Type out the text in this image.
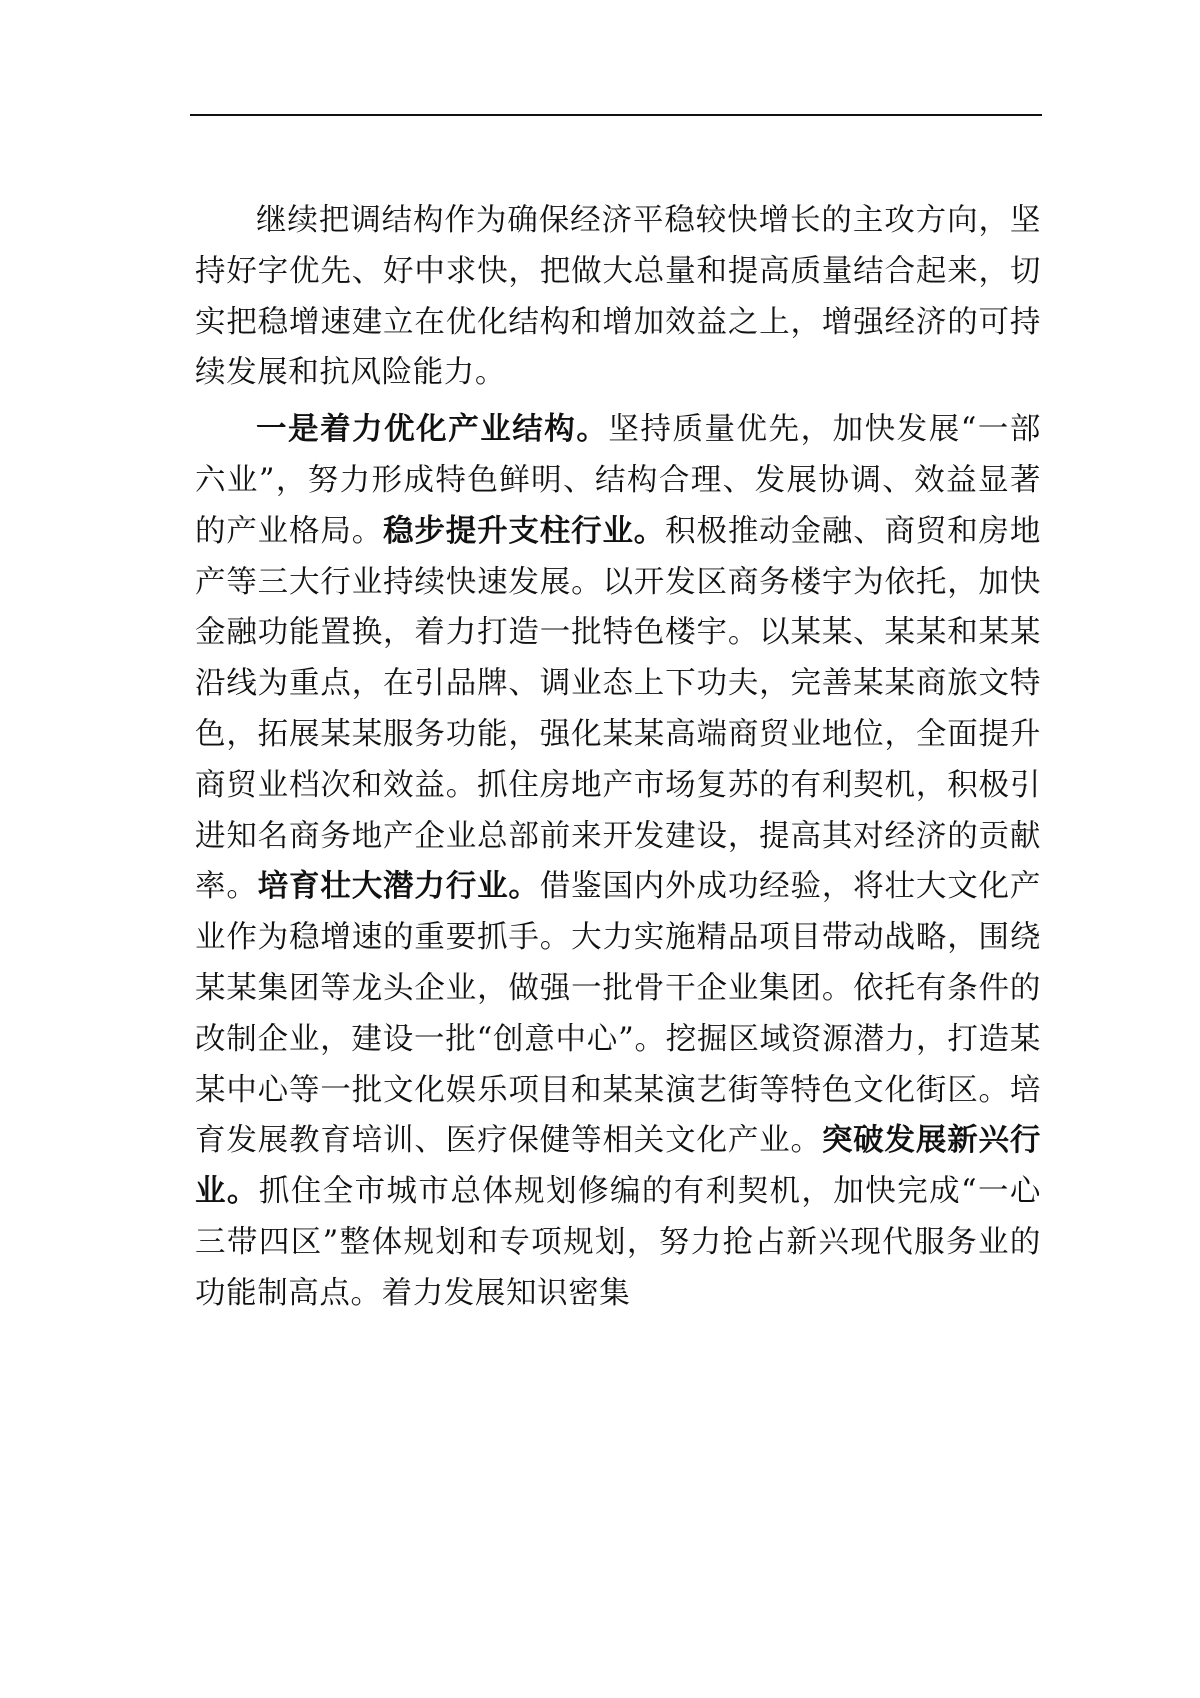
继续把调结构作为确保经济平稳较快增长的主攻方向，坚持好字优先、好中求快，把做大总量和提高质量结合起来，切实把稳增速建立在优化结构和增加效益之上，增强经济的可持续发展和抗风险能力。

一是着力优化产业结构。坚持质量优先，加快发展“一部六业”，努力形成特色鲜明、结构合理、发展协调、效益显著的产业格局。稳步提升支柱行业。积极推动金融、商贸和房地产等三大行业持续快速发展。以开发区商务楼宇为依托，加快金融功能置换，着力打造一批特色楼宇。以某某、某某和某某沿线为重点，在引品牌、调业态上下功夫，完善某某商旅文特色，拓展某某服务功能，强化某某高端商贸业地位，全面提升商贸业档次和效益。抓住房地产市场复苏的有利契机，积极引进知名商务地产企业总部前来开发建设，提高其对经济的贡献率。培育壮大潜力行业。借鉴国内外成功经验，将壮大文化产业作为稳增速的重要抓手。大力实施精品项目带动战略，围绕某某集团等龙头企业，做强一批骨干企业集团。依托有条件的改制企业，建设一批“创意中心”。挖掘区域资源潜力，打造某某中心等一批文化娱乐项目和某某演艺街等特色文化街区。培育发展教育培训、医疗保健等相关文化产业。突破发展新兴行业。抓住全市城市总体规划修编的有利契机，加快完成“一心三带四区”整体规划和专项规划，努力抢占新兴现代服务业的功能制高点。着力发展知识密集
